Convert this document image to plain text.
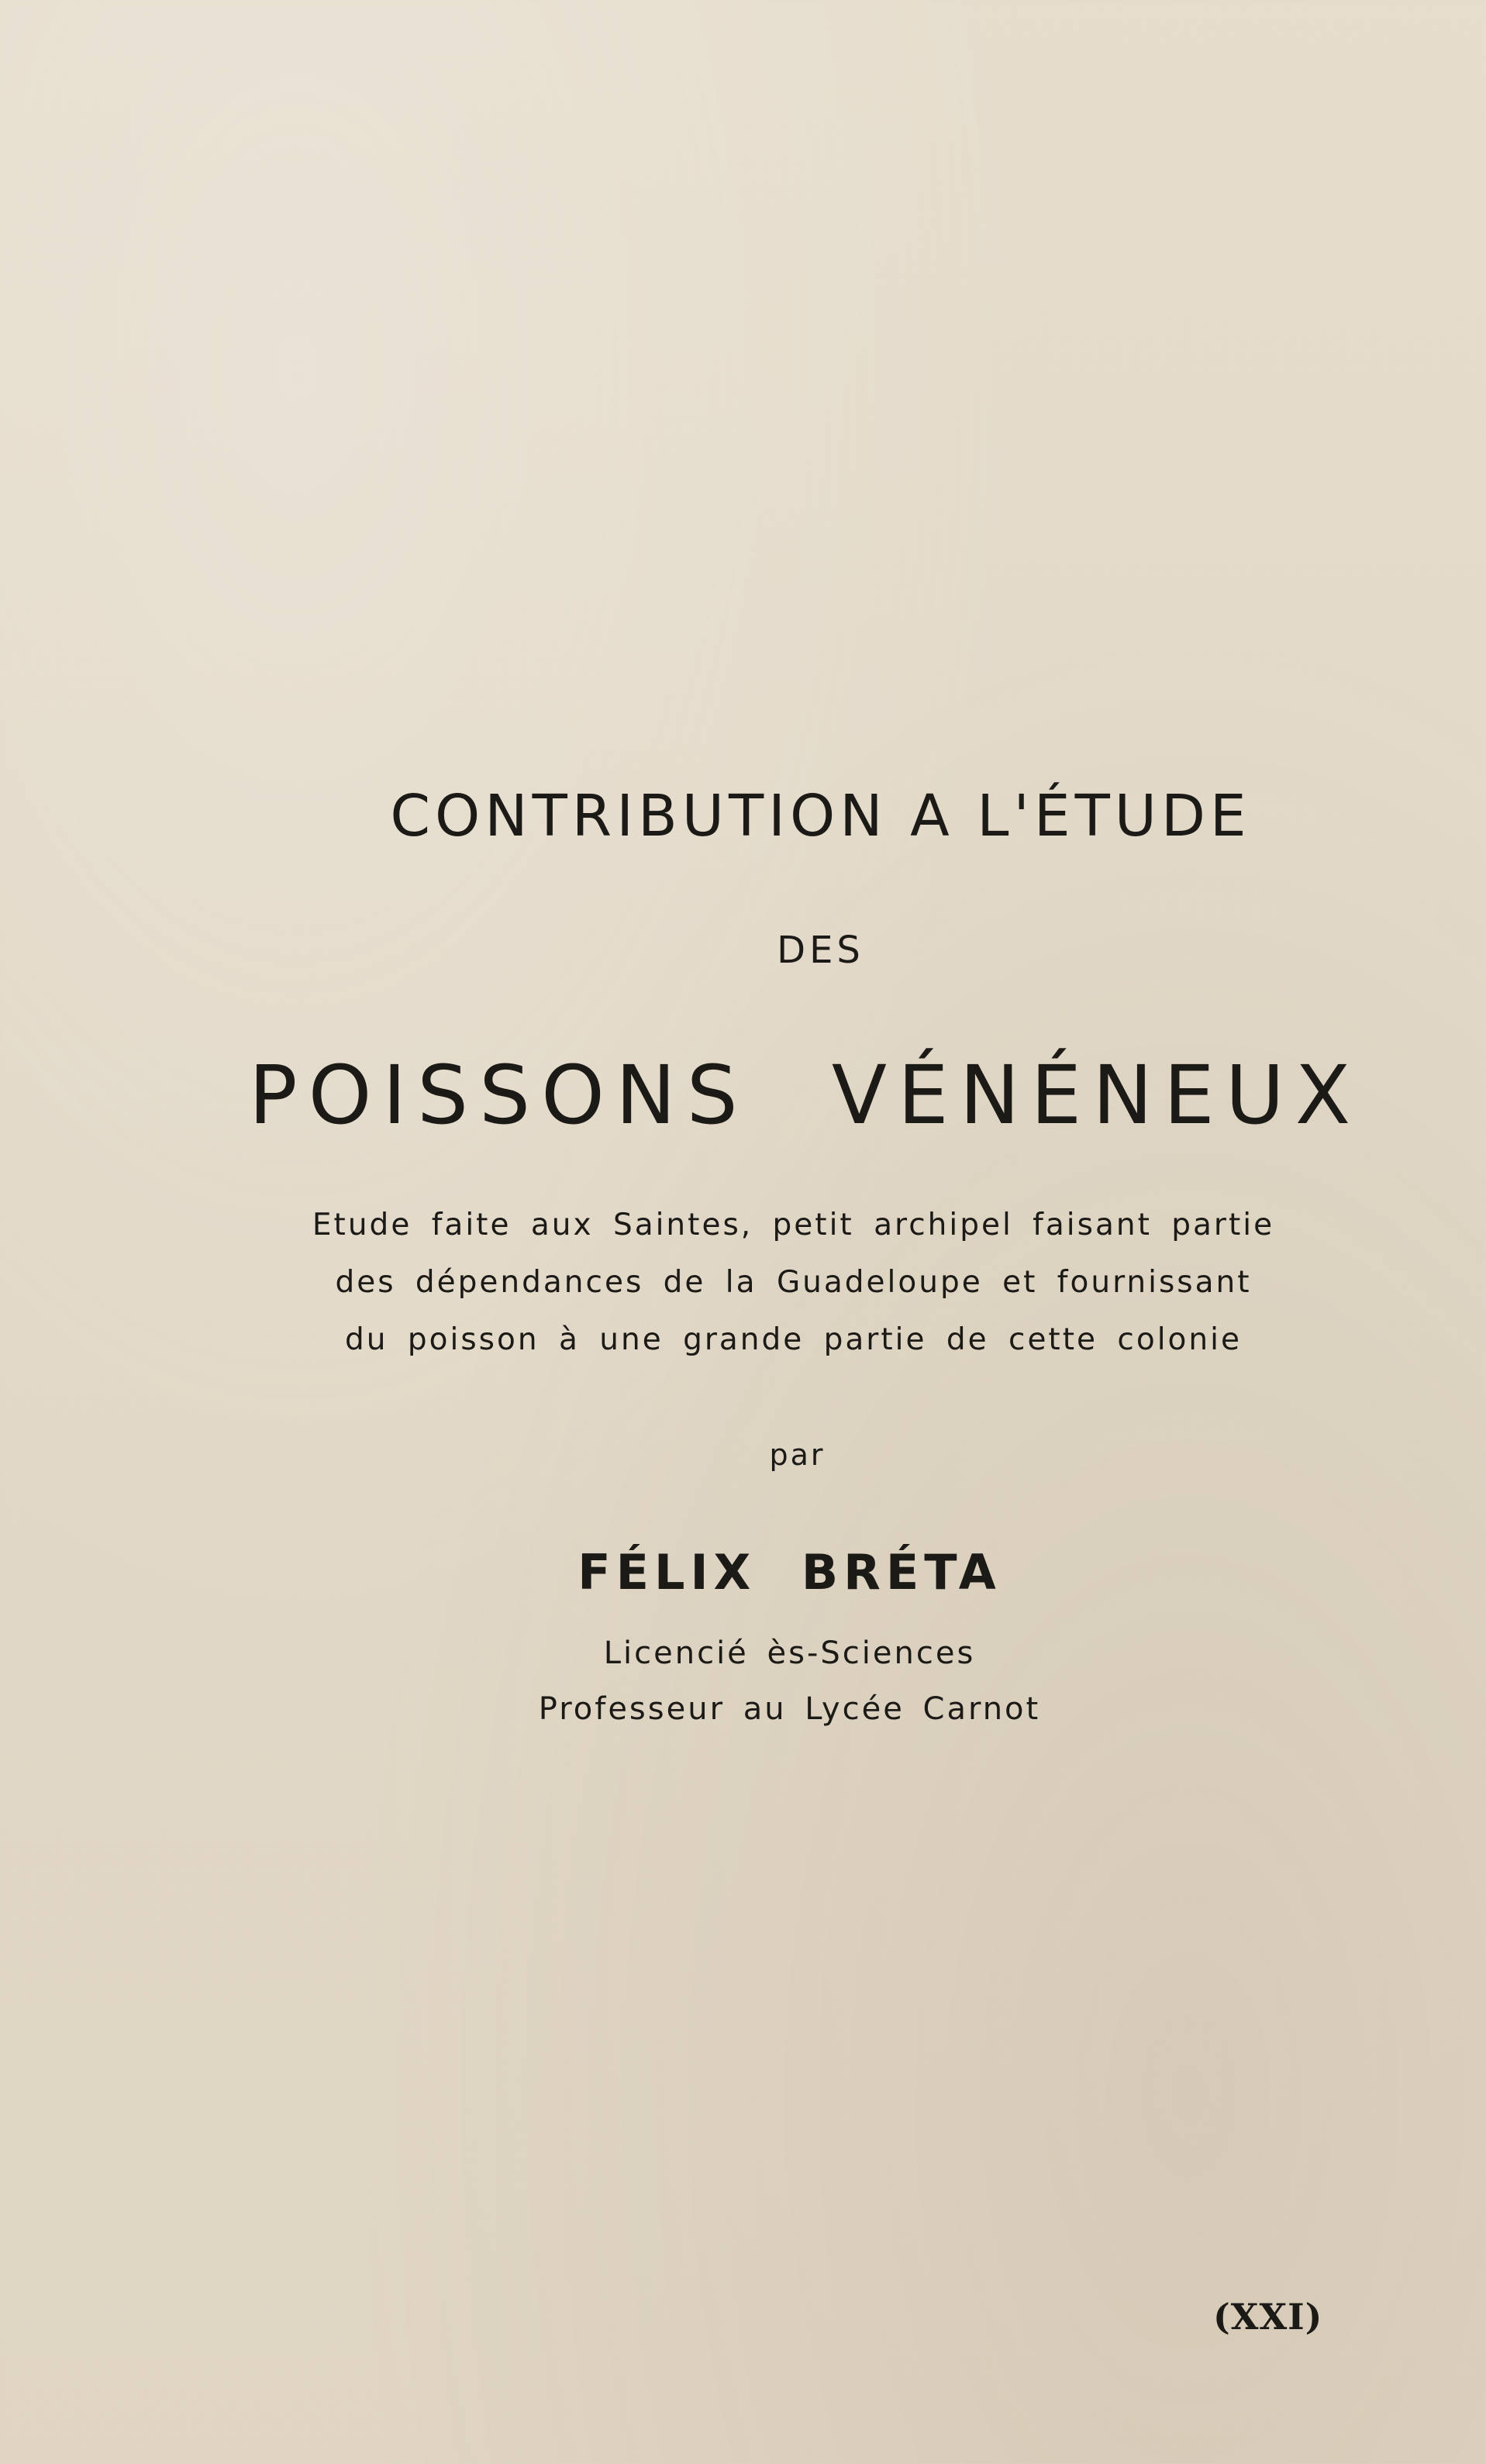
CONTRIBUTION A L'ÉTUDE
DES
POISSONS VÉNÉNEUX
Etude faite aux Saintes, petit archipel faisant partie
des dépendances de la Guadeloupe et fournissant
du poisson à une grande partie de cette colonie
par
FÉLIX BRÉTA
Licencié ès-Sciences
Professeur au Lycée Carnot
(XXI)
